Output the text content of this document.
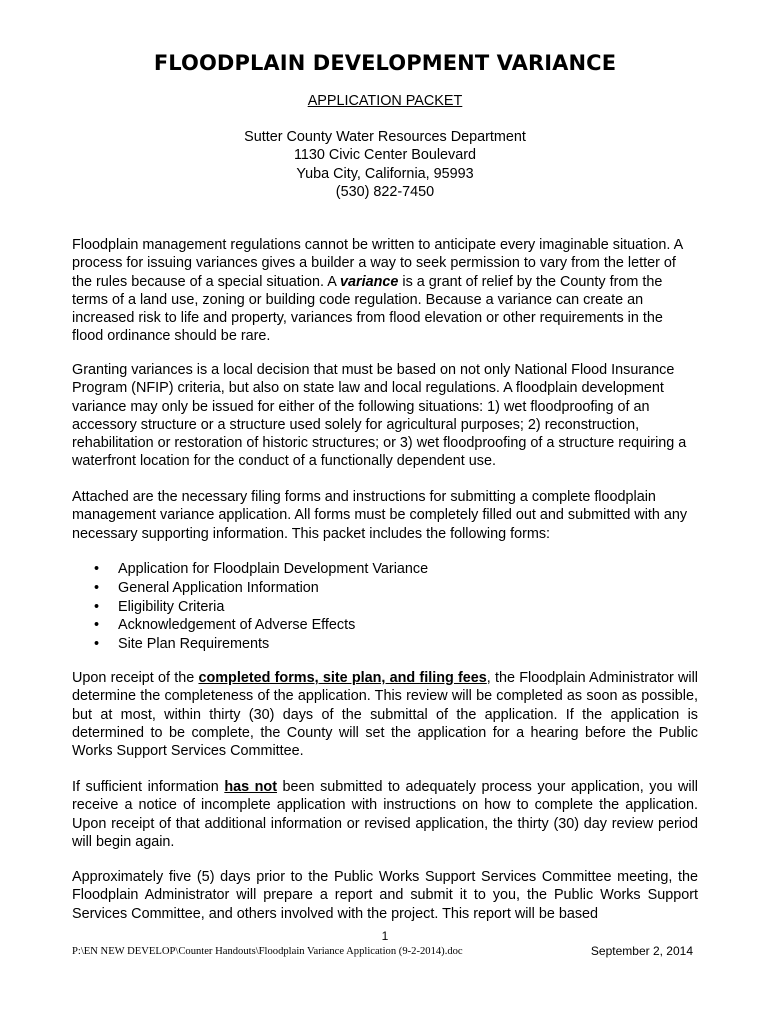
FLOODPLAIN DEVELOPMENT VARIANCE
APPLICATION PACKET
Sutter County Water Resources Department
1130 Civic Center Boulevard
Yuba City, California, 95993
(530) 822-7450

Floodplain management regulations cannot be written to anticipate every imaginable situation. A process for issuing variances gives a builder a way to seek permission to vary from the letter of the rules because of a special situation. A variance is a grant of relief by the County from the terms of a land use, zoning or building code regulation. Because a variance can create an increased risk to life and property, variances from flood elevation or other requirements in the flood ordinance should be rare.

Granting variances is a local decision that must be based on not only National Flood Insurance Program (NFIP) criteria, but also on state law and local regulations. A floodplain development variance may only be issued for either of the following situations: 1) wet floodproofing of an accessory structure or a structure used solely for agricultural purposes; 2) reconstruction, rehabilitation or restoration of historic structures; or 3) wet floodproofing of a structure requiring a waterfront location for the conduct of a functionally dependent use.

Attached are the necessary filing forms and instructions for submitting a complete floodplain management variance application. All forms must be completely filled out and submitted with any necessary supporting information. This packet includes the following forms:

• Application for Floodplain Development Variance
• General Application Information
• Eligibility Criteria
• Acknowledgement of Adverse Effects
• Site Plan Requirements

Upon receipt of the completed forms, site plan, and filing fees, the Floodplain Administrator will determine the completeness of the application. This review will be completed as soon as possible, but at most, within thirty (30) days of the submittal of the application. If the application is determined to be complete, the County will set the application for a hearing before the Public Works Support Services Committee.

If sufficient information has not been submitted to adequately process your application, you will receive a notice of incomplete application with instructions on how to complete the application. Upon receipt of that additional information or revised application, the thirty (30) day review period will begin again.

Approximately five (5) days prior to the Public Works Support Services Committee meeting, the Floodplain Administrator will prepare a report and submit it to you, the Public Works Support Services Committee, and others involved with the project. This report will be based

1
P:\EN NEW DEVELOP\Counter Handouts\Floodplain Variance Application (9-2-2014).doc	September 2, 2014
